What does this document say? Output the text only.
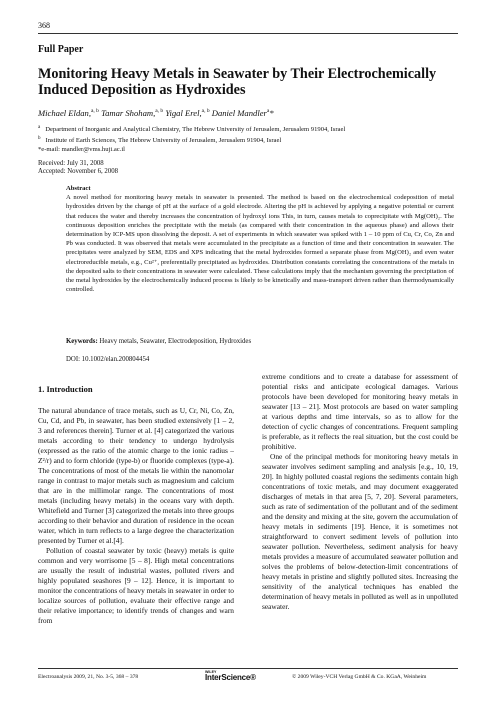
368
Full Paper
Monitoring Heavy Metals in Seawater by Their Electrochemically Induced Deposition as Hydroxides
Michael Eldan,$^{a, b}$ Tamar Shoham,$^{a, b}$ Yigal Erel,$^{a, b}$ Daniel Mandler$^a$*

$^a$ Department of Inorganic and Analytical Chemistry, The Hebrew University of Jerusalem, Jerusalem 91904, Israel

$^b$ Institute of Earth Sciences, The Hebrew University of Jerusalem, Jerusalem 91904, Israel

*e-mail: mandler@vms.huji.ac.il

Received: July 31, 2008

Accepted: November 6, 2008

Abstract

A novel method for monitoring heavy metals in seawater is presented. The method is based on the electrochemical codeposition of metal hydroxides driven by the change of pH at the surface of a gold electrode. Altering the pH is achieved by applying a negative potential or current that reduces the water and thereby increases the concentration of hydroxyl ions This, in turn, causes metals to coprecipitate with Mg(OH)₂. The continuous deposition enriches the precipitate with the metals (as compared with their concentration in the aqueous phase) and allows their determination by ICP-MS upon dissolving the deposit. A set of experiments in which seawater was spiked with 1 – 10 ppm of Cu, Cr, Co, Zn and Pb was conducted. It was observed that metals were accumulated in the precipitate as a function of time and their concentration in seawater. The precipitates were analyzed by SEM, EDS and XPS indicating that the metal hydroxides formed a separate phase from Mg(OH)₂ and even water electroreducible metals, e.g., Cu²⁺, preferentially precipitated as hydroxides. Distribution constants correlating the concentrations of the metals in the deposited salts to their concentrations in seawater were calculated. These calculations imply that the mechanism governing the precipitation of the metal hydroxides by the electrochemically induced process is likely to be kinetically and mass-transport driven rather than thermodynamically controlled.

Keywords: Heavy metals, Seawater, Electrodeposition, Hydroxides
DOI: 10.1002/elan.200804454
1. Introduction

The natural abundance of trace metals, such as U, Cr, Ni, Co, Zn, Cu, Cd, and Pb, in seawater, has been studied extensively [1 – 2, 3 and references therein]. Turner et al. [4] categorized the various metals according to their tendency to undergo hydrolysis (expressed as the ratio of the atomic charge to the ionic radius – Z²/r) and to form chloride (type-b) or fluoride complexes (type-a). The concentrations of most of the metals lie within the nanomolar range in contrast to major metals such as magnesium and calcium that are in the millimolar range. The concentrations of most metals (including heavy metals) in the oceans vary with depth. Whitefield and Turner [3] categorized the metals into three groups according to their behavior and duration of residence in the ocean water, which in turn reflects to a large degree the characterization presented by Turner et al.[4].

Pollution of coastal seawater by toxic (heavy) metals is quite common and very worrisome [5 – 8]. High metal concentrations are usually the result of industrial wastes, polluted rivers and highly populated seashores [9 – 12]. Hence, it is important to monitor the concentrations of heavy metals in seawater in order to localize sources of pollution, evaluate their effective range and their relative importance; to identify trends of changes and warn from

extreme conditions and to create a database for assessment of potential risks and anticipate ecological damages. Various protocols have been developed for monitoring heavy metals in seawater [13 – 21]. Most protocols are based on water sampling at various depths and time intervals, so as to allow for the detection of cyclic changes of concentrations. Frequent sampling is preferable, as it reflects the real situation, but the cost could be prohibitive.

One of the principal methods for monitoring heavy metals in seawater involves sediment sampling and analysis [e.g., 10, 19, 20]. In highly polluted coastal regions the sediments contain high concentrations of toxic metals, and may document exaggerated discharges of metals in that area [5, 7, 20]. Several parameters, such as rate of sedimentation of the pollutant and of the sediment and the density and mixing at the site, govern the accumulation of heavy metals in sediments [19]. Hence, it is sometimes not straightforward to convert sediment levels of pollution into seawater pollution. Nevertheless, sediment analysis for heavy metals provides a measure of accumulated seawater pollution and solves the problems of below-detection-limit concentrations of heavy metals in pristine and slightly polluted sites. Increasing the sensitivity of the analytical techniques has enabled the determination of heavy metals in polluted as well as in unpolluted seawater.

Electroanalysis 2009, 21, No. 3-5, 368 – 378
WILEY
InterScience®	© 2009 Wiley-VCH Verlag GmbH & Co. KGaA, Weinheim
